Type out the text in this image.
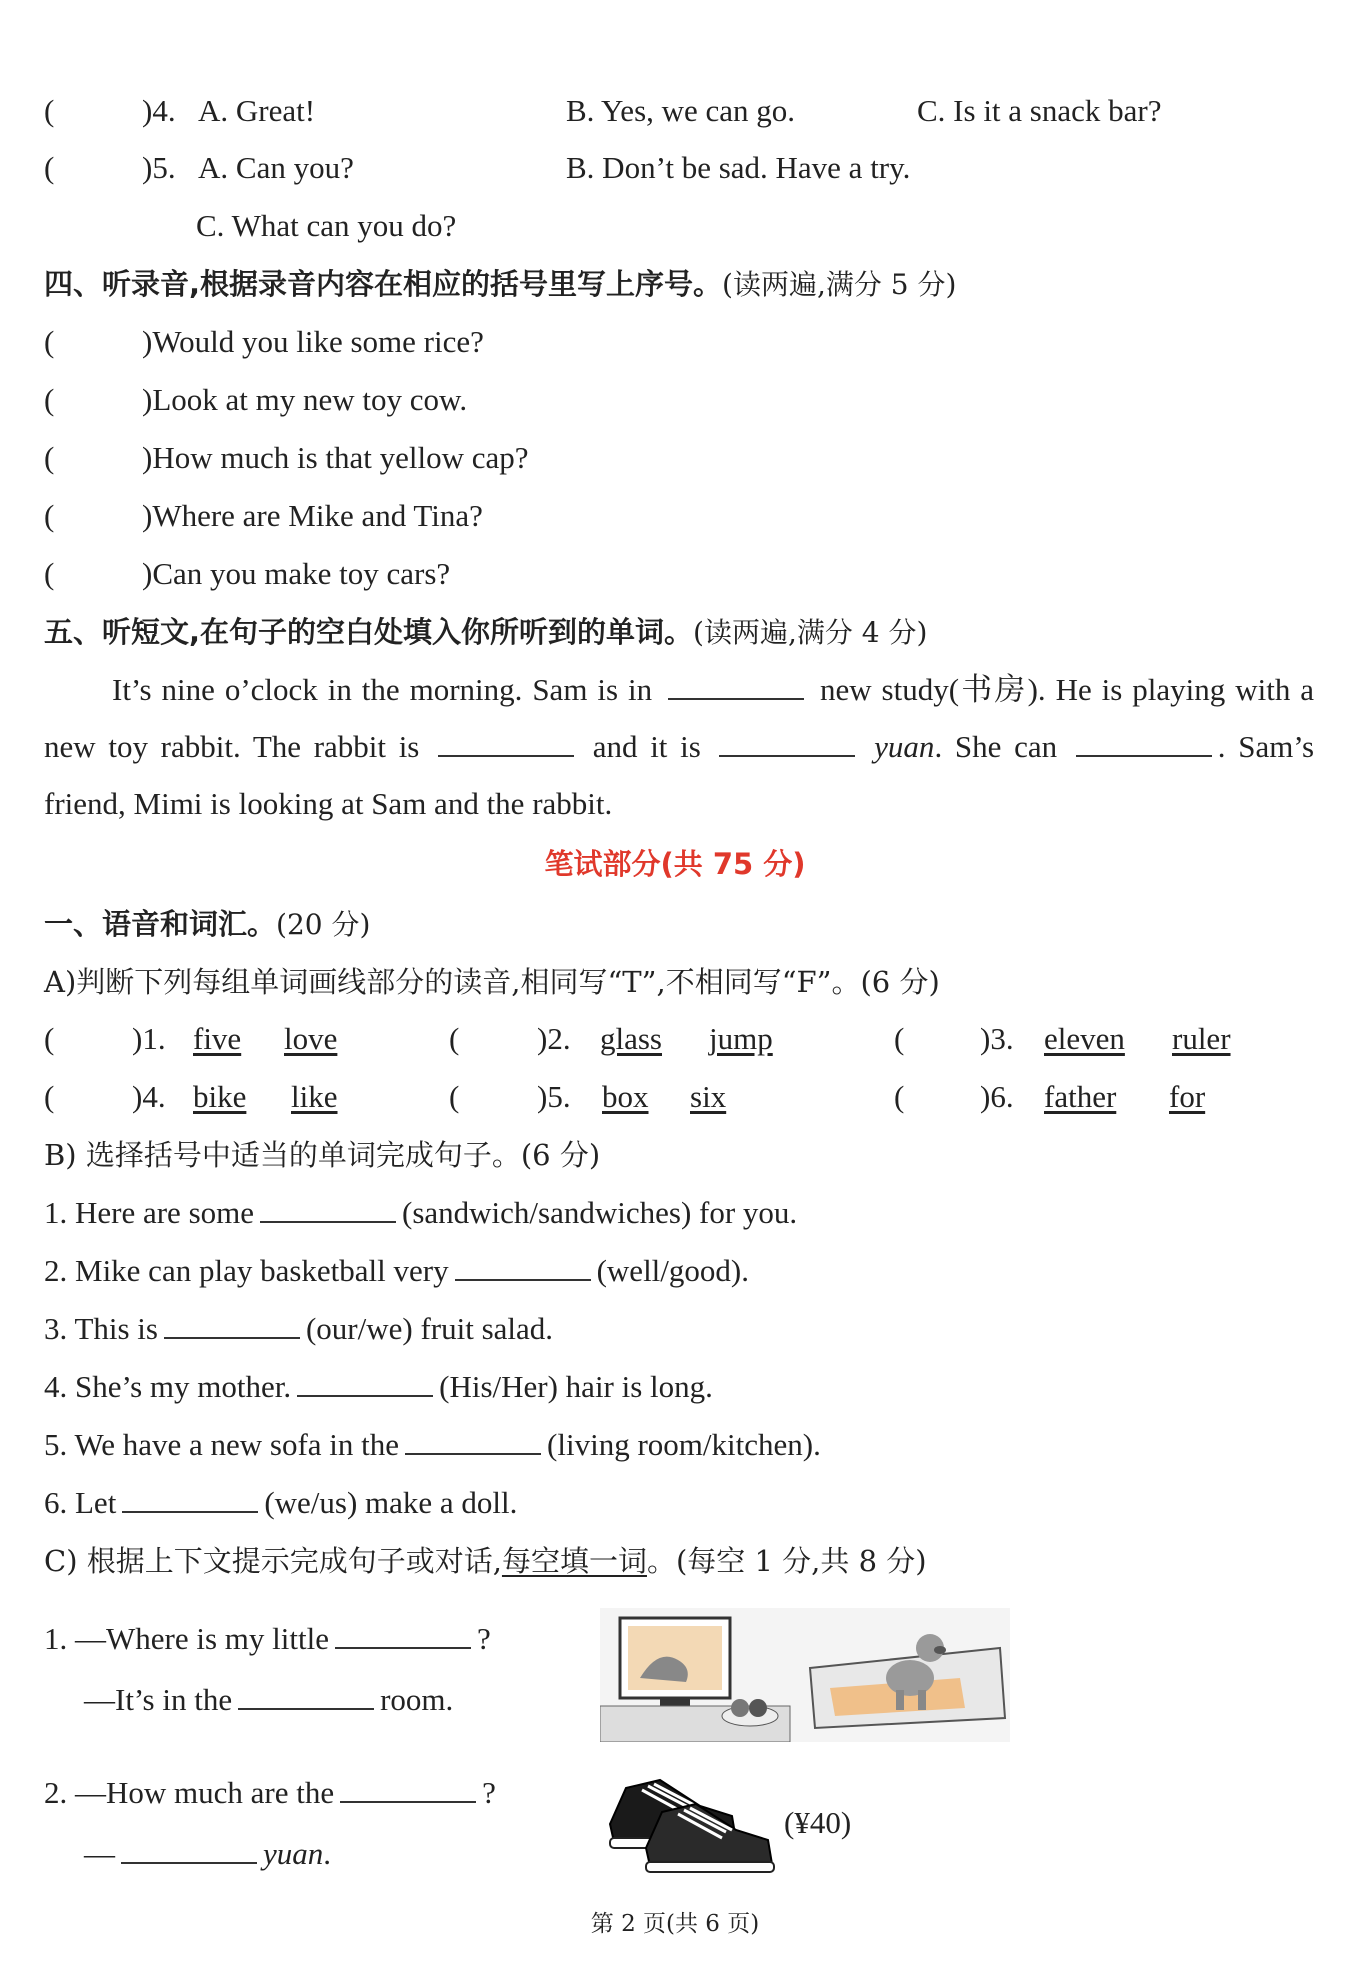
(	)4. A. Great!	B. Yes, we can go.	C. Is it a snack bar?
(	)5. A. Can you?	B. Don’t be sad. Have a try.
C. What can you do?
四、听录音,根据录音内容在相应的括号里写上序号。(读两遍,满分 5 分)
(	)Would you like some rice?
(	)Look at my new toy cow.
(	)How much is that yellow cap?
(	)Where are Mike and Tina?
(	)Can you make toy cars?
五、听短文,在句子的空白处填入你所听到的单词。(读两遍,满分 4 分)
It’s nine o’clock in the morning. Sam is in	new study(书房). He is playing with a new toy rabbit. The rabbit is	and it is	yuan. She can	. Sam’s friend, Mimi is looking at Sam and the rabbit.
笔试部分(共 75 分)
一、语音和词汇。(20 分)
A)判断下列每组单词画线部分的读音,相同写“T”,不相同写“F”。(6 分)
(	)1. five love	(	)2. glass jump	( )3. eleven ruler
(	)4. bike like	(	)5. box six	( )6. father for
B) 选择括号中适当的单词完成句子。(6 分)
1. Here are some	(sandwich/sandwiches) for you.
2. Mike can play basketball very	(well/good).
3. This is	(our/we) fruit salad.
4. She’s my mother.	(His/Her) hair is long.
5. We have a new sofa in the	(living room/kitchen).
6. Let	(we/us) make a doll.
C) 根据上下文提示完成句子或对话,每空填一词。(每空 1 分,共 8 分)
1. —Where is my little	?
—It’s in the	room.
2. —How much are the	?
—	yuan.
(¥40)
第 2 页(共 6 页)
